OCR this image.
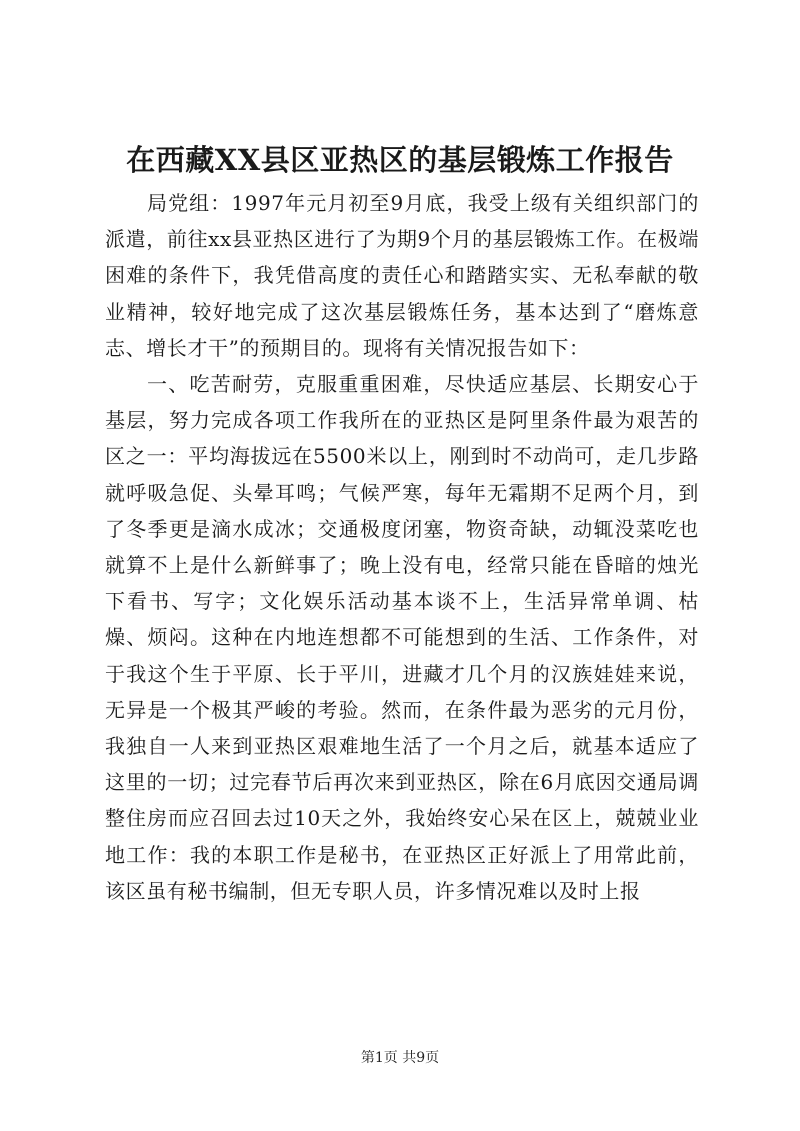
在西藏XX县区亚热区的基层锻炼工作报告

局党组：1997年元月初至9月底，我受上级有关组织部门的派遣，前往xx县亚热区进行了为期9个月的基层锻炼工作。在极端困难的条件下，我凭借高度的责任心和踏踏实实、无私奉献的敬业精神，较好地完成了这次基层锻炼任务，基本达到了“磨炼意志、增长才干”的预期目的。现将有关情况报告如下：

一、吃苦耐劳，克服重重困难，尽快适应基层、长期安心于基层，努力完成各项工作我所在的亚热区是阿里条件最为艰苦的区之一：平均海拔远在5500米以上，刚到时不动尚可，走几步路就呼吸急促、头晕耳鸣；气候严寒，每年无霜期不足两个月，到了冬季更是滴水成冰；交通极度闭塞，物资奇缺，动辄没菜吃也就算不上是什么新鲜事了；晚上没有电，经常只能在昏暗的烛光下看书、写字；文化娱乐活动基本谈不上，生活异常单调、枯燥、烦闷。这种在内地连想都不可能想到的生活、工作条件，对于我这个生于平原、长于平川，进藏才几个月的汉族娃娃来说，无异是一个极其严峻的考验。然而，在条件最为恶劣的元月份，我独自一人来到亚热区艰难地生活了一个月之后，就基本适应了这里的一切；过完春节后再次来到亚热区，除在6月底因交通局调整住房而应召回去过10天之外，我始终安心呆在区上，兢兢业业地工作：我的本职工作是秘书，在亚热区正好派上了用常此前，该区虽有秘书编制，但无专职人员，许多情况难以及时上报

第1页 共9页
